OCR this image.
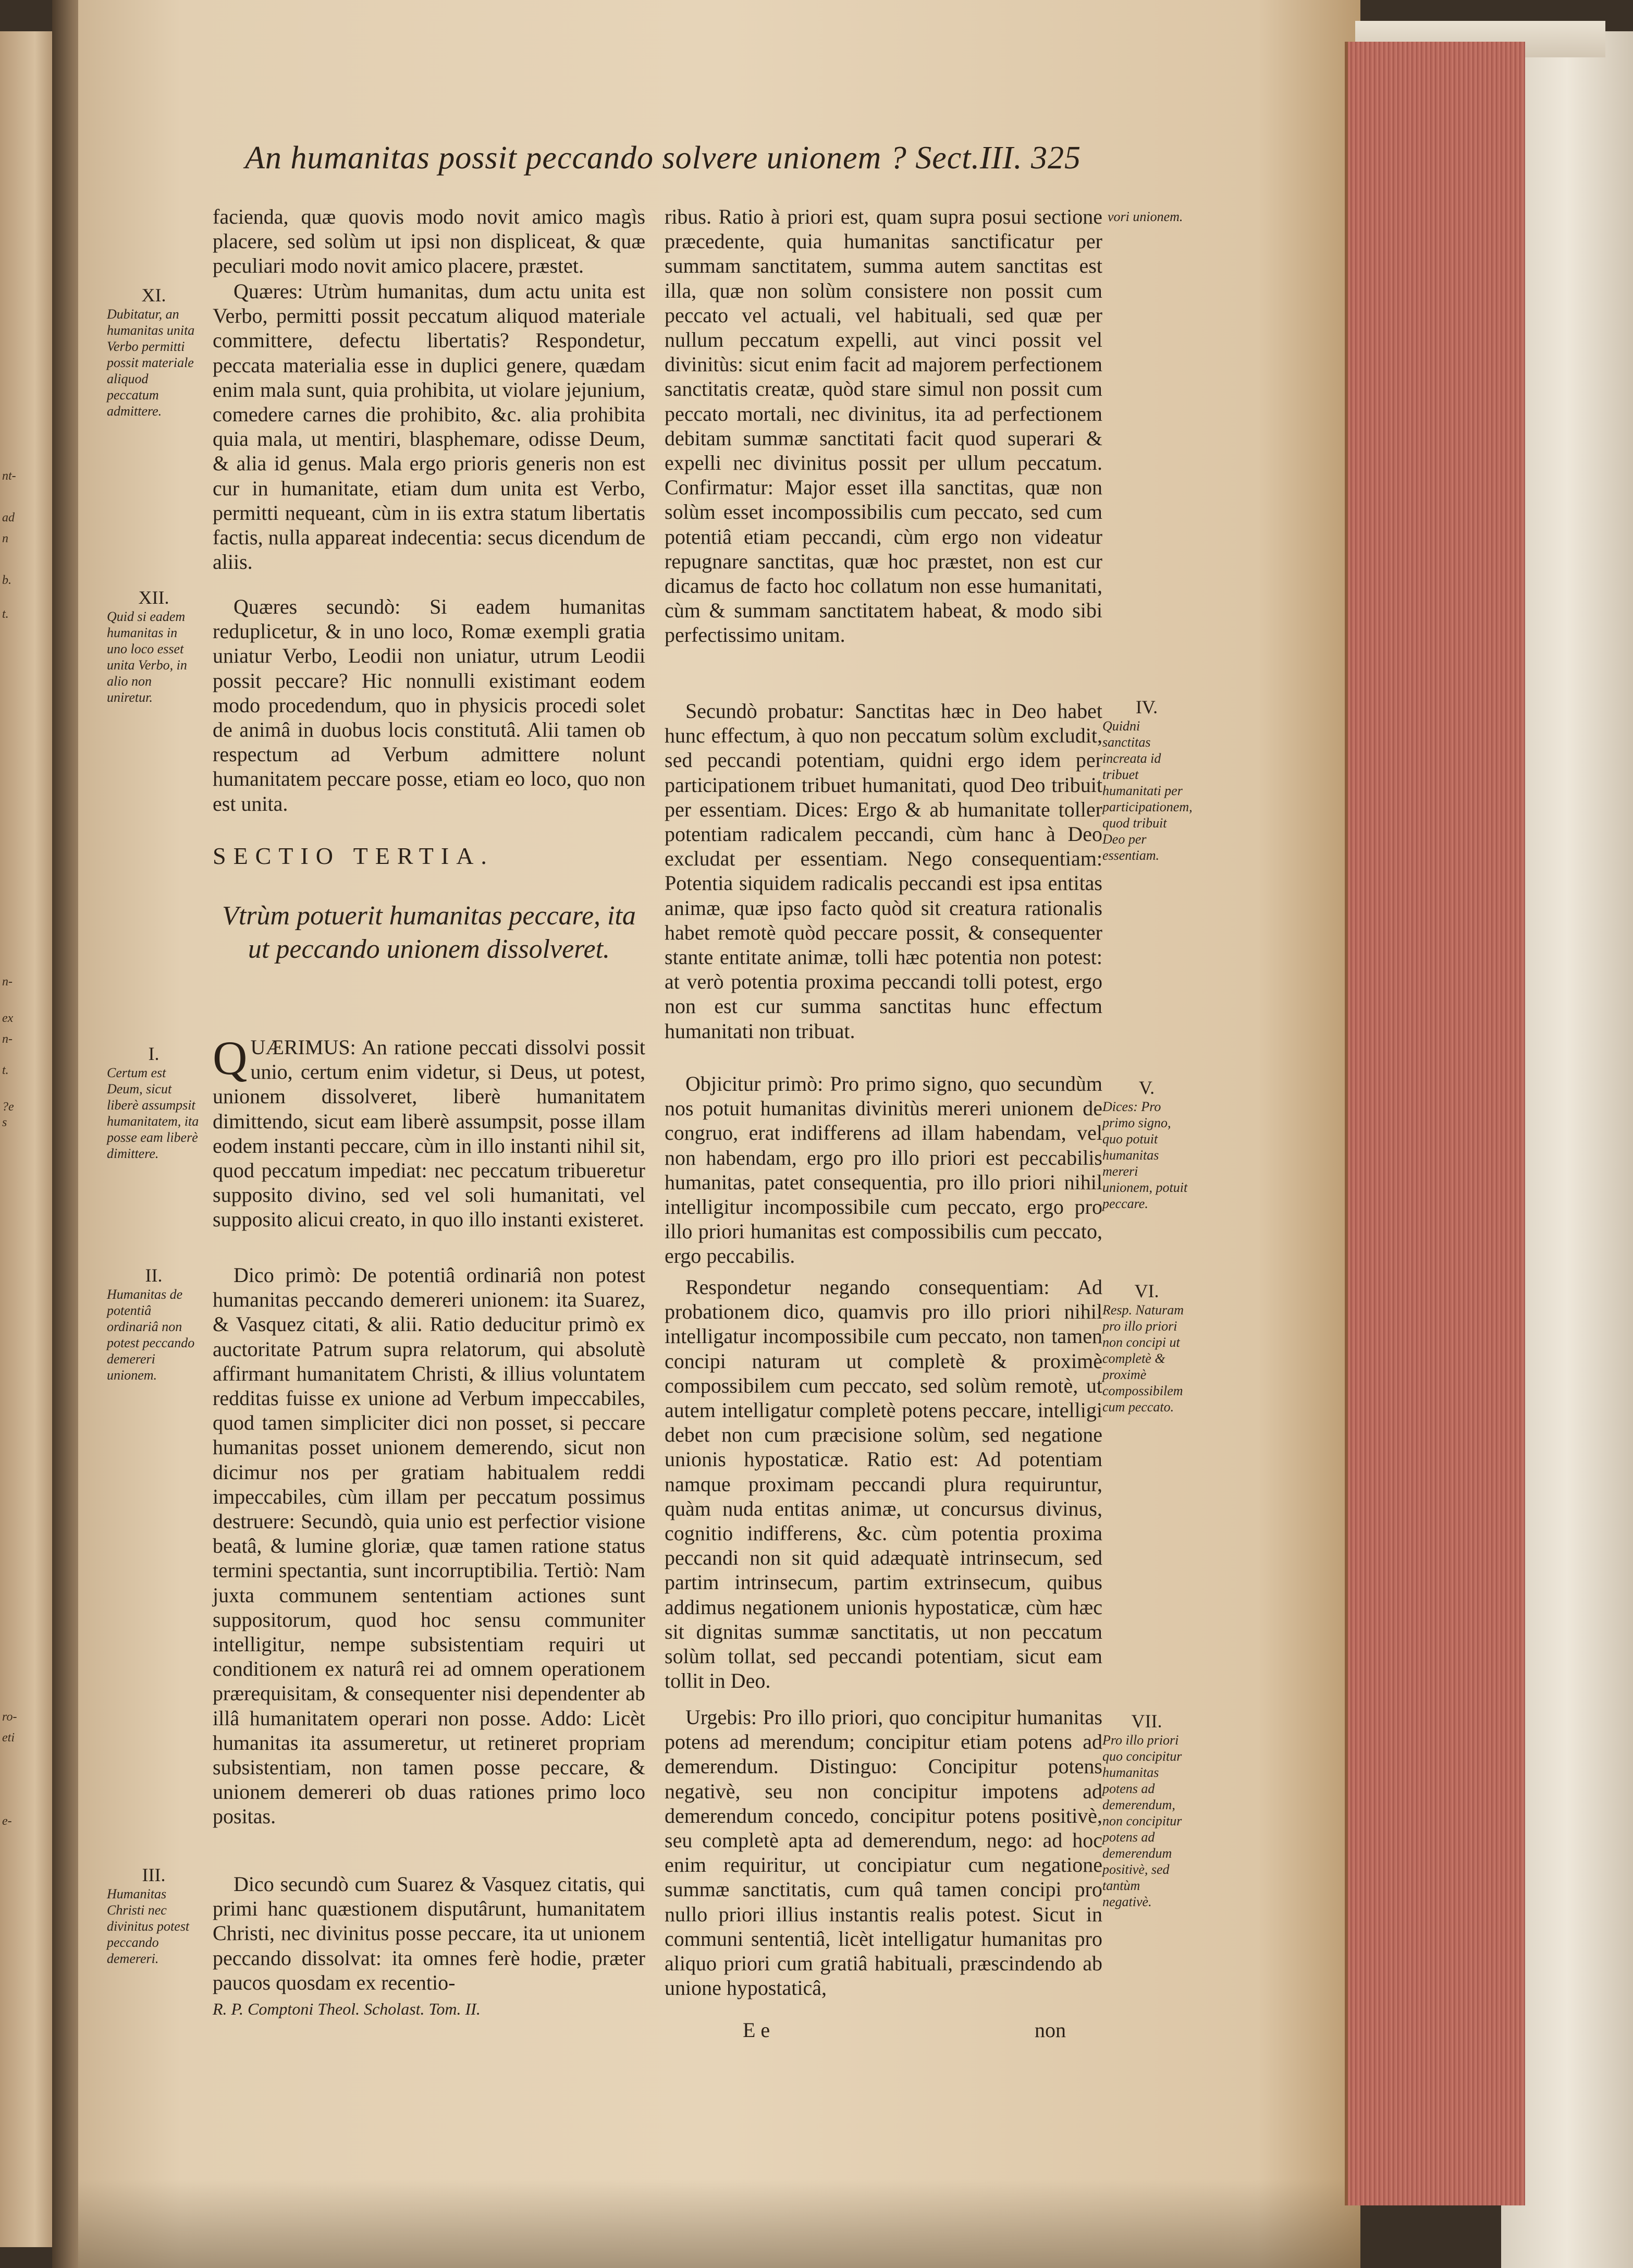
nt-
ad
n
b.
t.
n-
ex
n-
t.
?e
s
ro-
eti
e-
An humanitas possit peccando solvere unionem ? Sect.III. 325

facienda, quæ quovis modo novit amico magìs placere, sed solùm ut ipsi non displiceat, & quæ peculiari modo novit amico placere, præstet.

Quæres: Utrùm humanitas, dum actu unita est Verbo, permitti possit peccatum aliquod materiale committere, defectu libertatis? Respondetur, peccata materialia esse in duplici genere, quædam enim mala sunt, quia prohibita, ut violare jejunium, comedere carnes die prohibito, &c. alia prohibita quia mala, ut mentiri, blasphemare, odisse Deum, & alia id genus. Mala ergo prioris generis non est cur in humanitate, etiam dum unita est Verbo, permitti nequeant, cùm in iis extra statum libertatis factis, nulla appareat indecentia: secus dicendum de aliis.

Quæres secundò: Si eadem humanitas reduplicetur, & in uno loco, Romæ exempli gratia uniatur Verbo, Leodii non uniatur, utrum Leodii possit peccare? Hic nonnulli existimant eodem modo procedendum, quo in physicis procedi solet de animâ in duobus locis constitutâ. Alii tamen ob respectum ad Verbum admittere nolunt humanitatem peccare posse, etiam eo loco, quo non est unita.

SECTIO TERTIA.
Vtrùm potuerit humanitas peccare, ita ut peccando unionem dissolveret.
Q UÆRIMUS: An ratione peccati dissolvi possit unio, certum enim videtur, si Deus, ut potest, unionem dissolveret, liberè humanitatem dimittendo, sicut eam liberè assumpsit, posse illam eodem instanti peccare, cùm in illo instanti nihil sit, quod peccatum impediat: nec peccatum tribueretur supposito divino, sed vel soli humanitati, vel supposito alicui creato, in quo illo instanti existeret.

Dico primò: De potentiâ ordinariâ non potest humanitas peccando demereri unionem: ita Suarez, & Vasquez citati, & alii. Ratio deducitur primò ex auctoritate Patrum supra relatorum, qui absolutè affirmant humanitatem Christi, & illius voluntatem redditas fuisse ex unione ad Verbum impeccabiles, quod tamen simpliciter dici non posset, si peccare humanitas posset unionem demerendo, sicut non dicimur nos per gratiam habitualem reddi impeccabiles, cùm illam per peccatum possimus destruere: Secundò, quia unio est perfectior visione beatâ, & lumine gloriæ, quæ tamen ratione status termini spectantia, sunt incorruptibilia. Tertiò: Nam juxta communem sententiam actiones sunt suppositorum, quod hoc sensu communiter intelligitur, nempe subsistentiam requiri ut conditionem ex naturâ rei ad omnem operationem prærequisitam, & consequenter nisi dependenter ab illâ humanitatem operari non posse. Addo: Licèt humanitas ita assumeretur, ut retineret propriam subsistentiam, non tamen posse peccare, & unionem demereri ob duas rationes primo loco positas.

Dico secundò cum Suarez & Vasquez citatis, qui primi hanc quæstionem disputârunt, humanitatem Christi, nec divinitus posse peccare, ita ut unionem peccando dissolvat: ita omnes ferè hodie, præter paucos quosdam ex recentio-

R. P. Comptoni Theol. Scholast. Tom. II.
XI.
Dubitatur, an humanitas unita Verbo permitti possit materiale aliquod peccatum admittere.
XII.
Quid si eadem humanitas in uno loco esset unita Verbo, in alio non uniretur.
I.
Certum est Deum, sicut liberè assumpsit humanitatem, ita posse eam liberè dimittere.
II.
Humanitas de potentiâ ordinariâ non potest peccando demereri unionem.
III.
Humanitas Christi nec divinitus potest peccando demereri.

ribus. Ratio à priori est, quam supra posui sectione præcedente, quia humanitas sanctificatur per summam sanctitatem, summa autem sanctitas est illa, quæ non solùm consistere non possit cum peccato vel actuali, vel habituali, sed quæ per nullum peccatum expelli, aut vinci possit vel divinitùs: sicut enim facit ad majorem perfectionem sanctitatis creatæ, quòd stare simul non possit cum peccato mortali, nec divinitus, ita ad perfectionem debitam summæ sanctitati facit quod superari & expelli nec divinitus possit per ullum peccatum. Confirmatur: Major esset illa sanctitas, quæ non solùm esset incompossibilis cum peccato, sed cum potentiâ etiam peccandi, cùm ergo non videatur repugnare sanctitas, quæ hoc præstet, non est cur dicamus de facto hoc collatum non esse humanitati, cùm & summam sanctitatem habeat, & modo sibi perfectissimo unitam.

Secundò probatur: Sanctitas hæc in Deo habet hunc effectum, à quo non peccatum solùm excludit, sed peccandi potentiam, quidni ergo idem per participationem tribuet humanitati, quod Deo tribuit per essentiam. Dices: Ergo & ab humanitate toller potentiam radicalem peccandi, cùm hanc à Deo excludat per essentiam. Nego consequentiam: Potentia siquidem radicalis peccandi est ipsa entitas animæ, quæ ipso facto quòd sit creatura rationalis habet remotè quòd peccare possit, & consequenter stante entitate animæ, tolli hæc potentia non potest: at verò potentia proxima peccandi tolli potest, ergo non est cur summa sanctitas hunc effectum humanitati non tribuat.

Objicitur primò: Pro primo signo, quo secundùm nos potuit humanitas divinitùs mereri unionem de congruo, erat indifferens ad illam habendam, vel non habendam, ergo pro illo priori est peccabilis humanitas, patet consequentia, pro illo priori nihil intelligitur incompossibile cum peccato, ergo pro illo priori humanitas est compossibilis cum peccato, ergo peccabilis.

Respondetur negando consequentiam: Ad probationem dico, quamvis pro illo priori nihil intelligatur incompossibile cum peccato, non tamen concipi naturam ut completè & proximè compossibilem cum peccato, sed solùm remotè, ut autem intelligatur completè potens peccare, intelligi debet non cum præcisione solùm, sed negatione unionis hypostaticæ. Ratio est: Ad potentiam namque proximam peccandi plura requiruntur, quàm nuda entitas animæ, ut concursus divinus, cognitio indifferens, &c. cùm potentia proxima peccandi non sit quid adæquatè intrinsecum, sed partim intrinsecum, partim extrinsecum, quibus addimus negationem unionis hypostaticæ, cùm hæc sit dignitas summæ sanctitatis, ut non peccatum solùm tollat, sed peccandi potentiam, sicut eam tollit in Deo.

Urgebis: Pro illo priori, quo concipitur humanitas potens ad merendum; concipitur etiam potens ad demerendum. Distinguo: Concipitur potens negativè, seu non concipitur impotens ad demerendum concedo, concipitur potens positivè, seu completè apta ad demerendum, nego: ad hoc enim requiritur, ut concipiatur cum negatione summæ sanctitatis, cum quâ tamen concipi pro nullo priori illius instantis realis potest. Sicut in communi sententiâ, licèt intelligatur humanitas pro aliquo priori cum gratiâ habituali, præscindendo ab unione hypostaticâ,

E e	non
vori unionem.
IV.
Quidni sanctitas increata id tribuet humanitati per participationem, quod tribuit Deo per essentiam.
V.
Dices: Pro primo signo, quo potuit humanitas mereri unionem, potuit peccare.
VI.
Resp. Naturam pro illo priori non concipi ut completè & proximè compossibilem cum peccato.
VII.
Pro illo priori quo concipitur humanitas potens ad demerendum, non concipitur potens ad demerendum positivè, sed tantùm negativè.
